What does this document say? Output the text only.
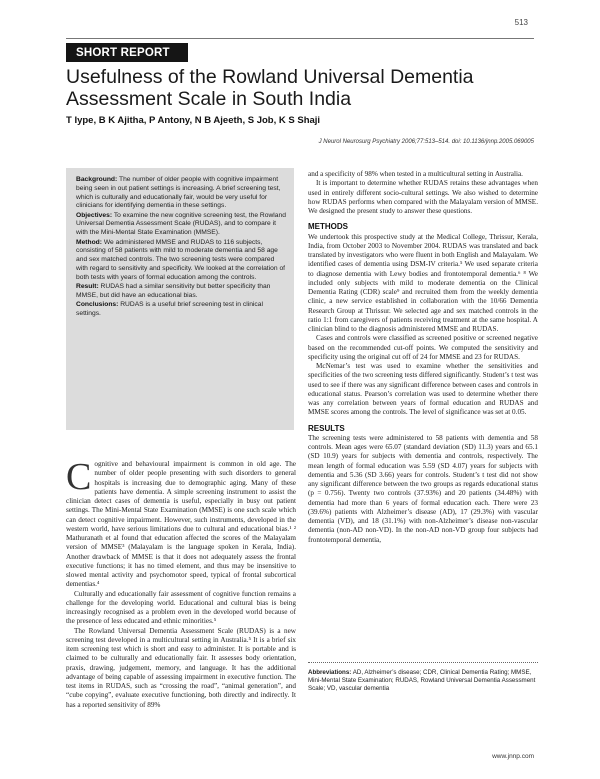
513
SHORT REPORT
Usefulness of the Rowland Universal Dementia Assessment Scale in South India
T Iype, B K Ajitha, P Antony, N B Ajeeth, S Job, K S Shaji
J Neurol Neurosurg Psychiatry 2006;77:513–514. doi: 10.1136/jnnp.2005.069005

Background: The number of older people with cognitive impairment being seen in out patient settings is increasing. A brief screening test, which is culturally and educationally fair, would be very useful for clinicians for identifying dementia in these settings.

Objectives: To examine the new cognitive screening test, the Rowland Universal Dementia Assessment Scale (RUDAS), and to compare it with the Mini-Mental State Examination (MMSE).

Method: We administered MMSE and RUDAS to 116 subjects, consisting of 58 patients with mild to moderate dementia and 58 age and sex matched controls. The two screening tests were compared with regard to sensitivity and specificity. We looked at the correlation of both tests with years of formal education among the controls.

Result: RUDAS had a similar sensitivity but better specificity than MMSE, but did have an educational bias.

Conclusions: RUDAS is a useful brief screening test in clinical settings.

Cognitive and behavioural impairment is common in old age. The number of older people presenting with such disorders to general hospitals is increasing due to demographic aging. Many of these patients have dementia. A simple screening instrument to assist the clinician detect cases of dementia is useful, especially in busy out patient settings. The Mini-Mental State Examination (MMSE) is one such scale which can detect cognitive impairment. However, such instruments, developed in the western world, have serious limitations due to cultural and educational bias.¹ ² Mathuranath et al found that education affected the scores of the Malayalam version of MMSE³ (Malayalam is the language spoken in Kerala, India). Another drawback of MMSE is that it does not adequately assess the frontal executive functions; it has no timed element, and thus may be insensitive to slowed mental activity and psychomotor speed, typical of frontal subcortical dementias.⁴

Culturally and educationally fair assessment of cognitive function remains a challenge for the developing world. Educational and cultural bias is being increasingly recognised as a problem even in the developed world because of the presence of less educated and ethnic minorities.⁵

The Rowland Universal Dementia Assessment Scale (RUDAS) is a new screening test developed in a multicultural setting in Australia.⁵ It is a brief six item screening test which is short and easy to administer. It is portable and is claimed to be culturally and educationally fair. It assesses body orientation, praxis, drawing, judgement, memory, and language. It has the additional advantage of being capable of assessing impairment in executive function. The test items in RUDAS, such as “crossing the road”, “animal generation”, and “cube copying”, evaluate executive functioning, both directly and indirectly. It has a reported sensitivity of 89%

and a specificity of 98% when tested in a multicultural setting in Australia.

It is important to determine whether RUDAS retains these advantages when used in entirely different socio-cultural settings. We also wished to determine how RUDAS performs when compared with the Malayalam version of MMSE. We designed the present study to answer these questions.

METHODS

We undertook this prospective study at the Medical College, Thrissur, Kerala, India, from October 2003 to November 2004. RUDAS was translated and back translated by investigators who were fluent in both English and Malayalam. We identified cases of dementia using DSM-IV criteria.⁵ We used separate criteria to diagnose dementia with Lewy bodies and frontotemporal dementia.⁶ ⁸ We included only subjects with mild to moderate dementia on the Clinical Dementia Rating (CDR) scale⁹ and recruited them from the weekly dementia clinic, a new service established in collaboration with the 10/66 Dementia Research Group at Thrissur. We selected age and sex matched controls in the ratio 1:1 from caregivers of patients receiving treatment at the same hospital. A clinician blind to the diagnosis administered MMSE and RUDAS.

Cases and controls were classified as screened positive or screened negative based on the recommended cut-off points. We computed the sensitivity and specificity using the original cut off of 24 for MMSE and 23 for RUDAS.

McNemar’s test was used to examine whether the sensitivities and specificities of the two screening tests differed significantly. Student’s t test was used to see if there was any significant difference between cases and controls in educational status. Pearson’s correlation was used to determine whether there was any correlation between years of formal education and RUDAS and MMSE scores among the controls. The level of significance was set at 0.05.

RESULTS

The screening tests were administered to 58 patients with dementia and 58 controls. Mean ages were 65.07 (standard deviation (SD) 11.3) years and 65.1 (SD 10.9) years for subjects with dementia and controls, respectively. The mean length of formal education was 5.59 (SD 4.07) years for subjects with dementia and 5.36 (SD 3.66) years for controls. Student’s t test did not show any significant difference between the two groups as regards educational status (p = 0.756). Twenty two controls (37.93%) and 20 patients (34.48%) with dementia had more than 6 years of formal education each. There were 23 (39.6%) patients with Alzheimer’s disease (AD), 17 (29.3%) with vascular dementia (VD), and 18 (31.1%) with non-Alzheimer’s disease non-vascular dementia (non-AD non-VD). In the non-AD non-VD group four subjects had frontotemporal dementia,

Abbreviations: AD, Alzheimer’s disease; CDR, Clinical Dementia Rating; MMSE, Mini-Mental State Examination; RUDAS, Rowland Universal Dementia Assessment Scale; VD, vascular dementia
www.jnnp.com
